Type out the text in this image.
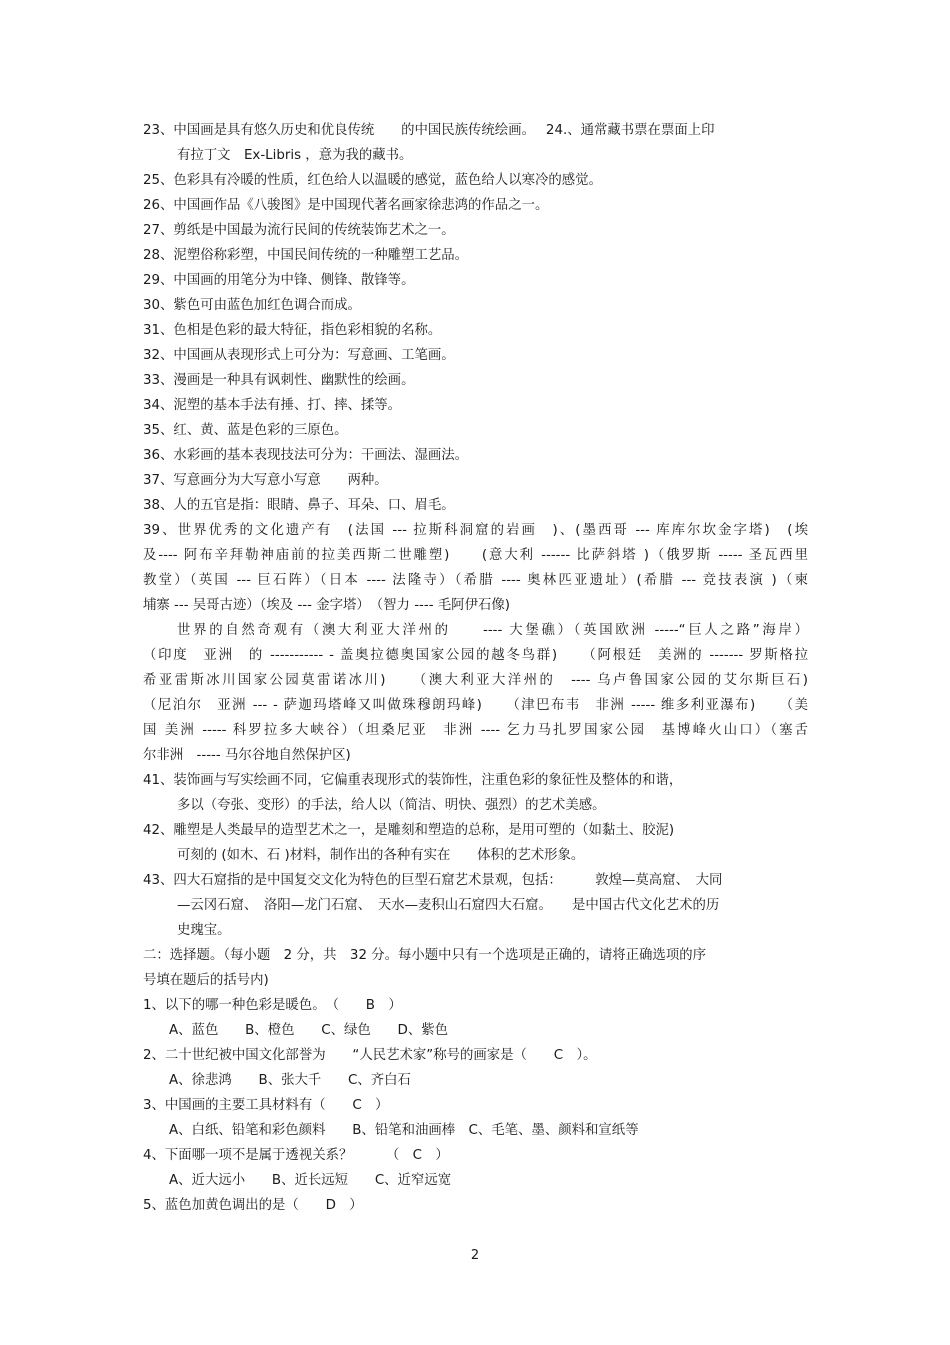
23、中国画是具有悠久历史和优良传统　　的中国民族传统绘画。　 24.、通常藏书票在票面上印

有拉丁文　Ex-Libris ，意为我的藏书。

25、色彩具有冷暖的性质，红色给人以温暖的感觉，蓝色给人以寒冷的感觉。

26、中国画作品《八骏图》是中国现代著名画家徐悲鸿的作品之一。

27、剪纸是中国最为流行民间的传统装饰艺术之一。

28、泥塑俗称彩塑，中国民间传统的一种雕塑工艺品。

29、中国画的用笔分为中锋、侧锋、散锋等。

30、紫色可由蓝色加红色调合而成。

31、色相是色彩的最大特征，指色彩相貌的名称。

32、中国画从表现形式上可分为：写意画、工笔画。

33、漫画是一种具有讽刺性、幽默性的绘画。

34、泥塑的基本手法有捶、打、摔、揉等。

35、红、黄、蓝是色彩的三原色。

36、水彩画的基本表现技法可分为：干画法、湿画法。

37、写意画分为大写意小写意　　两种。

38、人的五官是指：眼睛、鼻子、耳朵、口、眉毛。

39、世界优秀的文化遗产有　(法国 --- 拉斯科洞窟的岩画　)、(墨西哥 --- 库库尔坎金字塔)　(埃

及---- 阿布辛拜勒神庙前的拉美西斯二世雕塑)　　(意大利 ------ 比萨斜塔 )（俄罗斯 ----- 圣瓦西里

教堂）（英国 --- 巨石阵）（日本 ---- 法隆寺）（希腊 ---- 奥林匹亚遗址）(希腊 --- 竞技表演 )（柬

埔寨 --- 吴哥古迹）（埃及 --- 金字塔）　（智力 ---- 毛阿伊石像)

世界的自然奇观有（澳大利亚大洋州的　　---- 大堡礁）（英国欧洲 -----“巨人之路”海岸）

（印度　亚洲　的 ----------- - 盖奥拉德奥国家公园的越冬鸟群)　　（阿根廷　美洲的 ------- 罗斯格拉

希亚雷斯冰川国家公园莫雷诺冰川)　　（澳大利亚大洋州的　---- 乌卢鲁国家公园的艾尔斯巨石)

（尼泊尔　亚洲 --- - 萨迦玛塔峰又叫做珠穆朗玛峰)　　（津巴布韦　非洲 ----- 维多利亚瀑布)　　（美

国 美洲 ----- 科罗拉多大峡谷）（坦桑尼亚　非洲 ---- 乞力马扎罗国家公园　基博峰火山口）（塞舌

尔非洲　----- 马尔谷地自然保护区)

41、装饰画与写实绘画不同，它偏重表现形式的装饰性，注重色彩的象征性及整体的和谐，

多以（夸张、变形）的手法，给人以（简洁、明快、强烈）的艺术美感。

42、雕塑是人类最早的造型艺术之一，是雕刻和塑造的总称，是用可塑的（如黏土、胶泥)

可刻的 (如木、石 )材料，制作出的各种有实在　　体积的艺术形象。

43、四大石窟指的是中国复交文化为特色的巨型石窟艺术景观，包括：　　　敦煌—莫高窟、　大同

—云冈石窟、　洛阳—龙门石窟、　天水—麦积山石窟四大石窟。　　是中国古代文化艺术的历

史瑰宝。

二：选择题。（每小题　2 分，共　32 分。每小题中只有一个选项是正确的，请将正确选项的序

号填在题后的括号内)

1、以下的哪一种色彩是暖色。　（　　B　）

A、蓝色　　B、橙色　　C、绿色　　D、紫色

2、二十世纪被中国文化部誉为　　“人民艺术家”称号的画家是（　　C　）。

A、徐悲鸿　　B、张大千　　C、齐白石

3、中国画的主要工具材料有（　　C　）

A、白纸、铅笔和彩色颜料　　B、铅笔和油画棒　C、毛笔、墨、颜料和宣纸等

4、下面哪一项不是属于透视关系？　　　（　C　）

A、近大远小　　B、近长远短　　C、近窄远宽

5、蓝色加黄色调出的是（　　D　）

2
